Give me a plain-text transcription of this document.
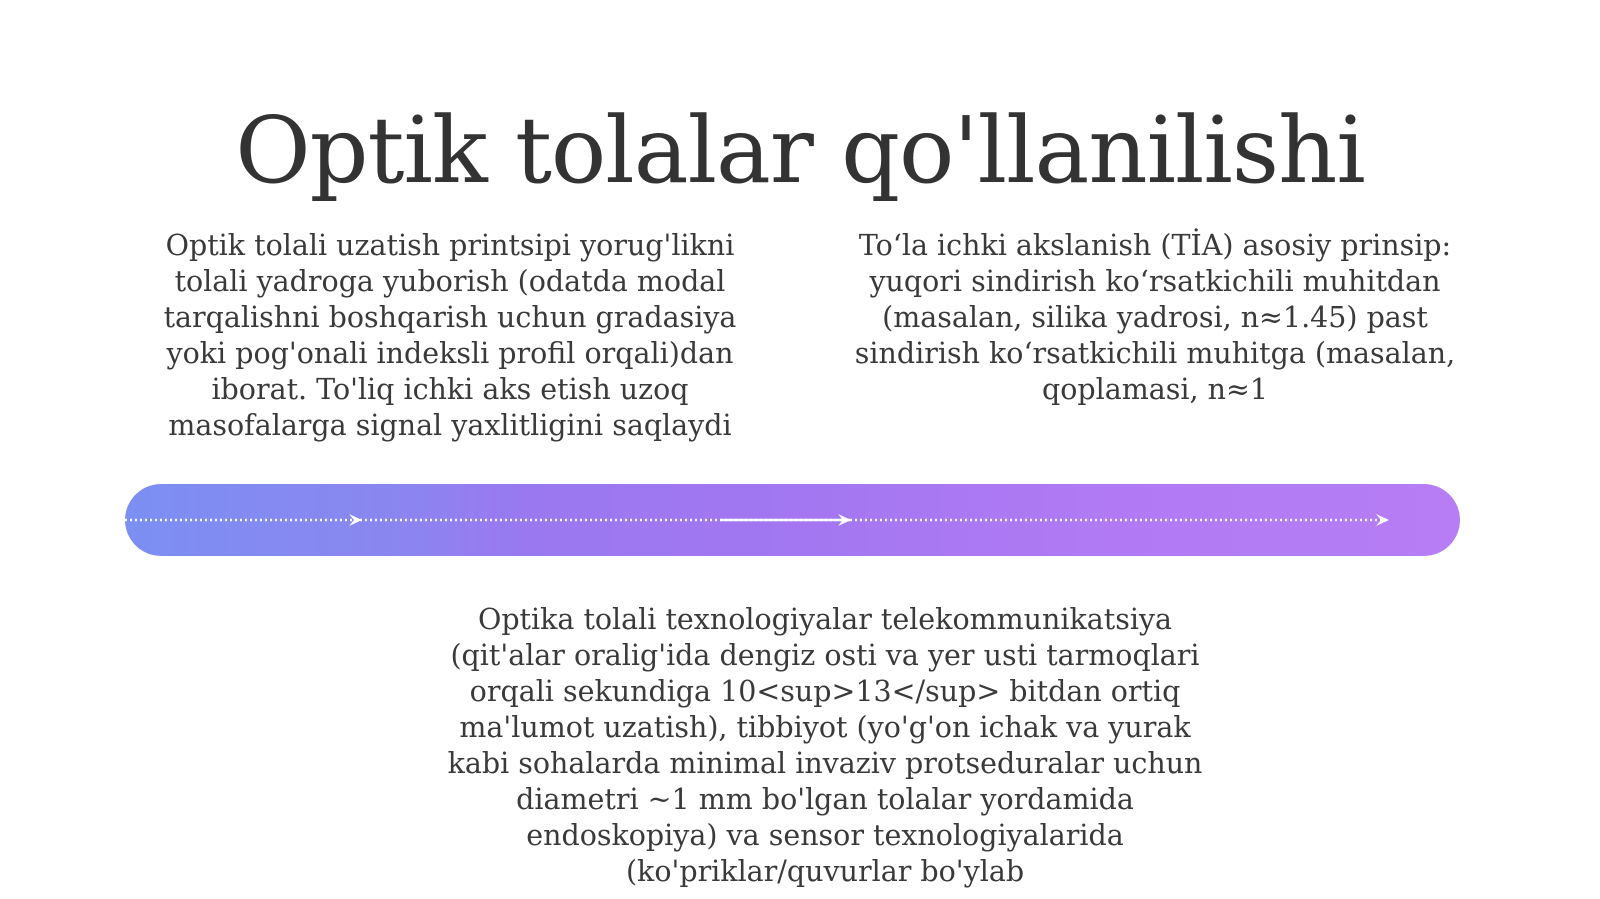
Optik tolalar qo'llanilishi
Optik tolali uzatish printsipi yorug'likni tolali yadroga yuborish (odatda modal tarqalishni boshqarish uchun gradasiya yoki pog'onali indeksli profil orqali)dan iborat. To'liq ichki aks etish uzoq masofalarga signal yaxlitligini saqlaydi
To‘la ichki akslanish (TİA) asosiy prinsip: yuqori sindirish ko‘rsatkichili muhitdan (masalan, silika yadrosi, n≈1.45) past sindirish ko‘rsatkichili muhitga (masalan, qoplamasi, n≈1
Optika tolali texnologiyalar telekommunikatsiya (qit'alar oralig'ida dengiz osti va yer usti tarmoqlari orqali sekundiga 10<sup>13</sup> bitdan ortiq ma'lumot uzatish), tibbiyot (yo'g'on ichak va yurak kabi sohalarda minimal invaziv protseduralar uchun diametri ~1 mm bo'lgan tolalar yordamida endoskopiya) va sensor texnologiyalarida (ko'priklar/quvurlar bo'ylab
